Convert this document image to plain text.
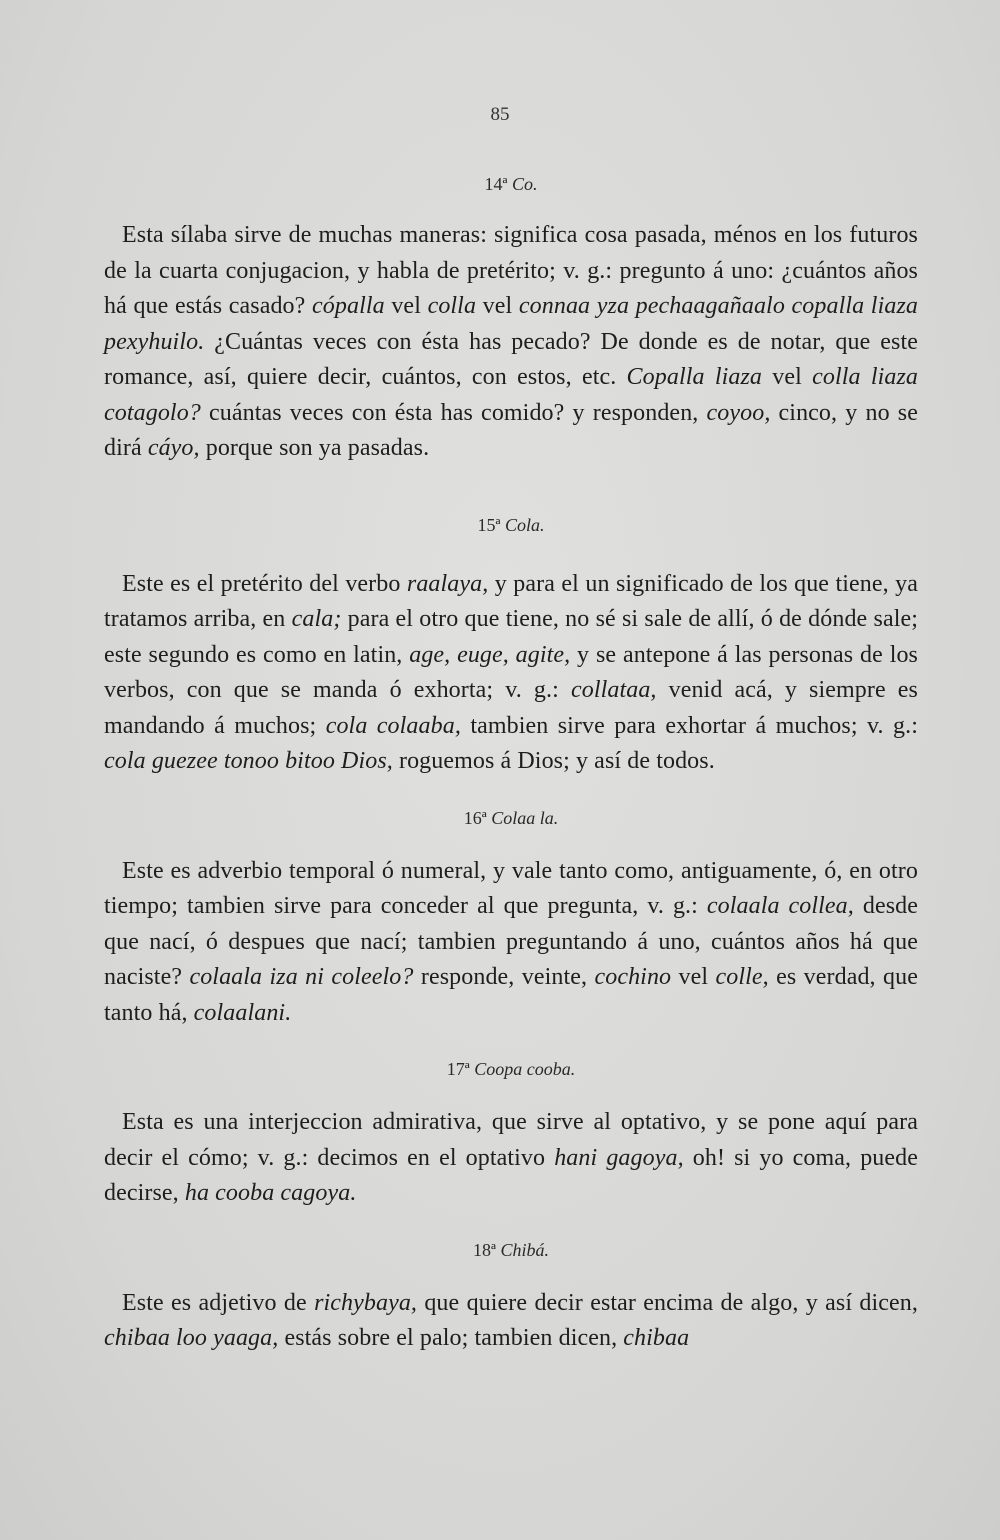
85
14ª Co.

Esta sílaba sirve de muchas maneras: significa cosa pasada, ménos en los futuros de la cuarta conjugacion, y habla de pretérito; v. g.: pregunto á uno: ¿cuántos años há que estás casado? cópalla vel colla vel connaa yza pechaagañaalo copalla liaza pexyhuilo. ¿Cuántas veces con ésta has pecado? De donde es de notar, que este romance, así, quiere decir, cuántos, con estos, etc. Copalla liaza vel colla liaza cotagolo? cuántas veces con ésta has comido? y responden, coyoo, cinco, y no se dirá cáyo, porque son ya pasadas.

15ª Cola.

Este es el pretérito del verbo raalaya, y para el un significado de los que tiene, ya tratamos arriba, en cala; para el otro que tiene, no sé si sale de allí, ó de dónde sale; este segundo es como en latin, age, euge, agite, y se antepone á las personas de los verbos, con que se manda ó exhorta; v. g.: collataa, venid acá, y siempre es mandando á muchos; cola colaaba, tambien sirve para exhortar á muchos; v. g.: cola guezee tonoo bitoo Dios, roguemos á Dios; y así de todos.

16ª Colaa la.

Este es adverbio temporal ó numeral, y vale tanto como, antiguamente, ó, en otro tiempo; tambien sirve para conceder al que pregunta, v. g.: colaala collea, desde que nací, ó despues que nací; tambien preguntando á uno, cuántos años há que naciste? colaala iza ni coleelo? responde, veinte, cochino vel colle, es verdad, que tanto há, colaalani.

17ª Coopa cooba.

Esta es una interjeccion admirativa, que sirve al optativo, y se pone aquí para decir el cómo; v. g.: decimos en el optativo hani gagoya, oh! si yo coma, puede decirse, ha cooba cagoya.

18ª Chibá.

Este es adjetivo de richybaya, que quiere decir estar encima de algo, y así dicen, chibaa loo yaaga, estás sobre el palo; tambien dicen, chibaa
